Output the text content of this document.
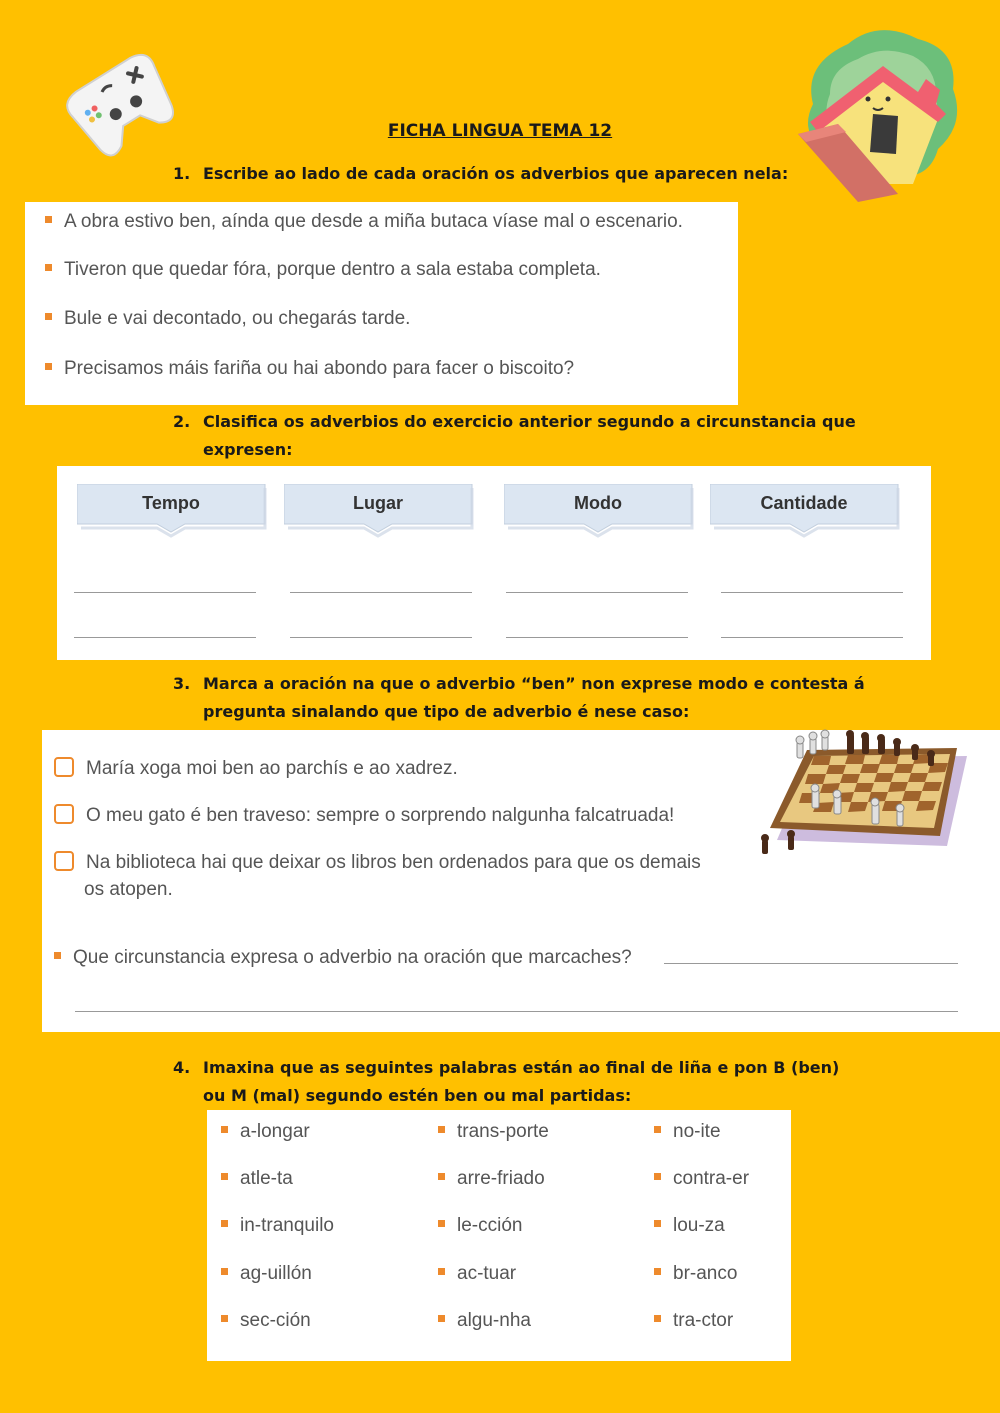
FICHA LINGUA TEMA 12
1. Escribe ao lado de cada oración os adverbios que aparecen nela:
A obra estivo ben, aínda que desde a miña butaca víase mal o escenario.
Tiveron que quedar fóra, porque dentro a sala estaba completa.
Bule e vai decontado, ou chegarás tarde.
Precisamos máis fariña ou hai abondo para facer o biscoito?
2. Clasifica os adverbios do exercicio anterior segundo a circunstancia que
expresen:
Tempo	Lugar	Modo	Cantidade
3. Marca a oración na que o adverbio “ben” non exprese modo e contesta á
pregunta sinalando que tipo de adverbio é nese caso:
María xoga moi ben ao parchís e ao xadrez.
O meu gato é ben traveso: sempre o sorprendo nalgunha falcatruada!
Na biblioteca hai que deixar os libros ben ordenados para que os demais
os atopen.
Que circunstancia expresa o adverbio na oración que marcaches?
4. Imaxina que as seguintes palabras están ao final de liña e pon B (ben)
ou M (mal) segundo estén ben ou mal partidas:
a-longar
atle-ta
in-tranquilo
ag-uillón
sec-ción
trans-porte
arre-friado
le-cción
ac-tuar
algu-nha
no-ite
contra-er
lou-za
br-anco
tra-ctor
